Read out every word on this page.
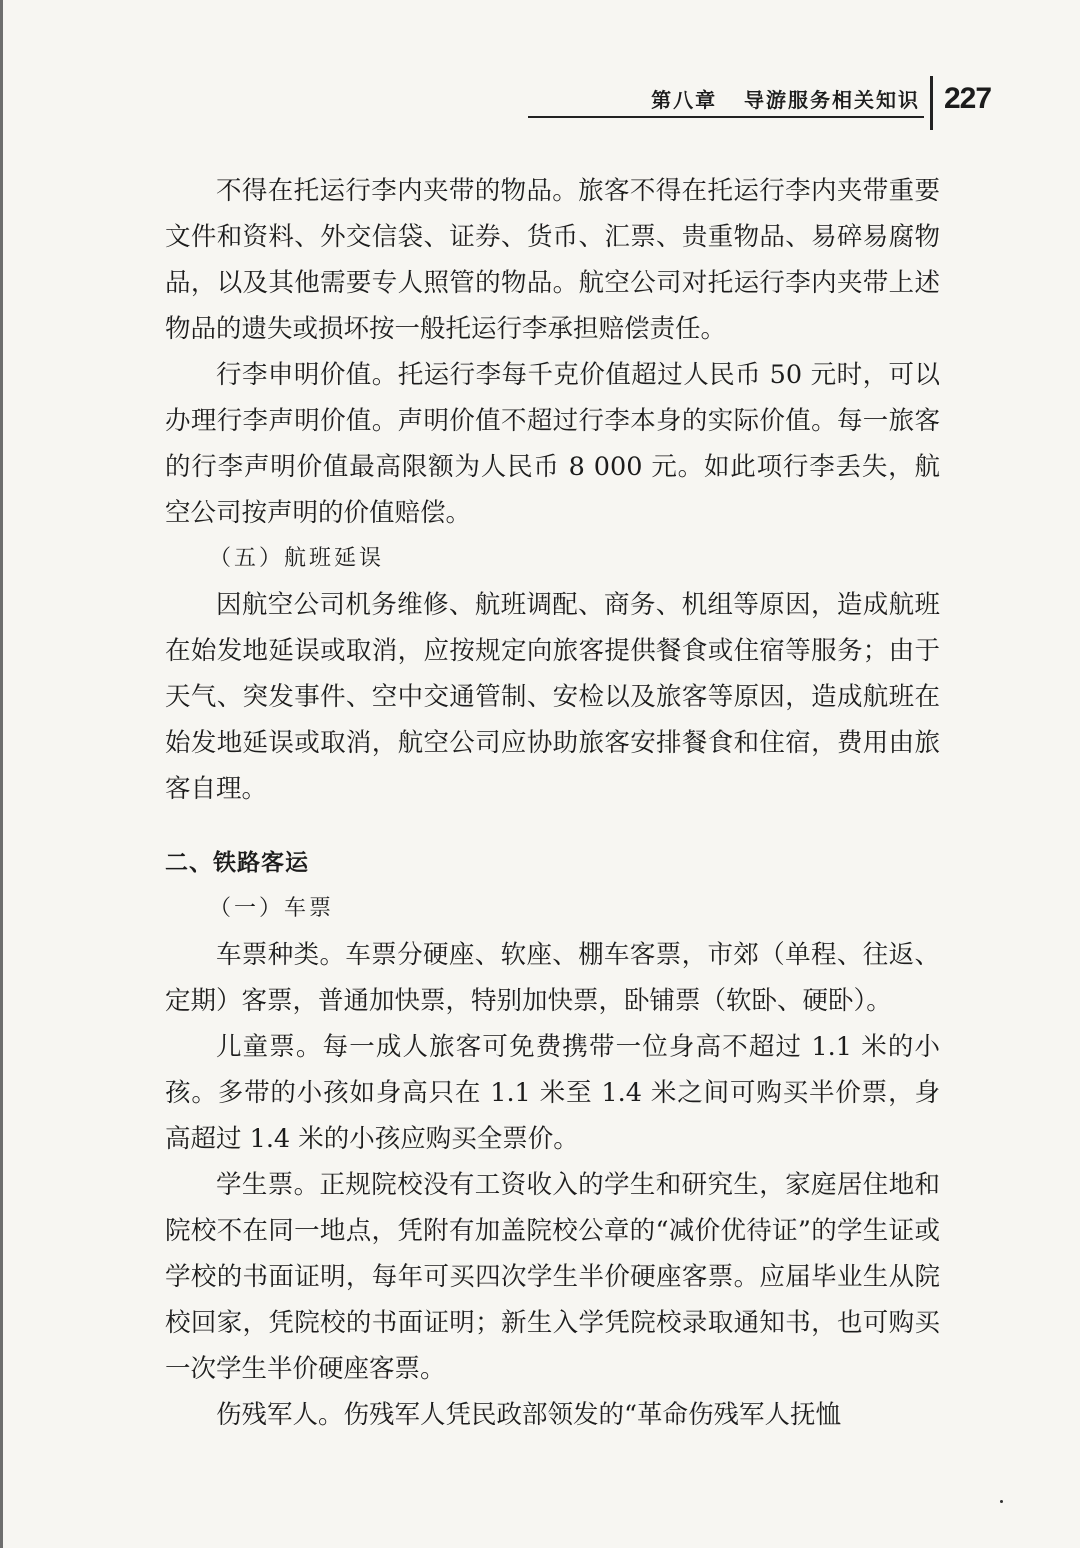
第八章   导游服务相关知识 227

不得在托运行李内夹带的物品。旅客不得在托运行李内夹带重要文件和资料、外交信袋、证券、货币、汇票、贵重物品、易碎易腐物品，以及其他需要专人照管的物品。航空公司对托运行李内夹带上述物品的遗失或损坏按一般托运行李承担赔偿责任。

行李申明价值。托运行李每千克价值超过人民币 50 元时，可以办理行李声明价值。声明价值不超过行李本身的实际价值。每一旅客的行李声明价值最高限额为人民币 8 000 元。如此项行李丢失，航空公司按声明的价值赔偿。

（五）航班延误

因航空公司机务维修、航班调配、商务、机组等原因，造成航班在始发地延误或取消，应按规定向旅客提供餐食或住宿等服务；由于天气、突发事件、空中交通管制、安检以及旅客等原因，造成航班在始发地延误或取消，航空公司应协助旅客安排餐食和住宿，费用由旅客自理。

二、铁路客运

（一）车票

车票种类。车票分硬座、软座、棚车客票，市郊（单程、往返、定期）客票，普通加快票，特别加快票，卧铺票（软卧、硬卧）。

儿童票。每一成人旅客可免费携带一位身高不超过 1.1 米的小孩。多带的小孩如身高只在 1.1 米至 1.4 米之间可购买半价票，身高超过 1.4 米的小孩应购买全票价。

学生票。正规院校没有工资收入的学生和研究生，家庭居住地和院校不在同一地点，凭附有加盖院校公章的“减价优待证”的学生证或学校的书面证明，每年可买四次学生半价硬座客票。应届毕业生从院校回家，凭院校的书面证明；新生入学凭院校录取通知书，也可购买一次学生半价硬座客票。

伤残军人。伤残军人凭民政部领发的“革命伤残军人抚恤
